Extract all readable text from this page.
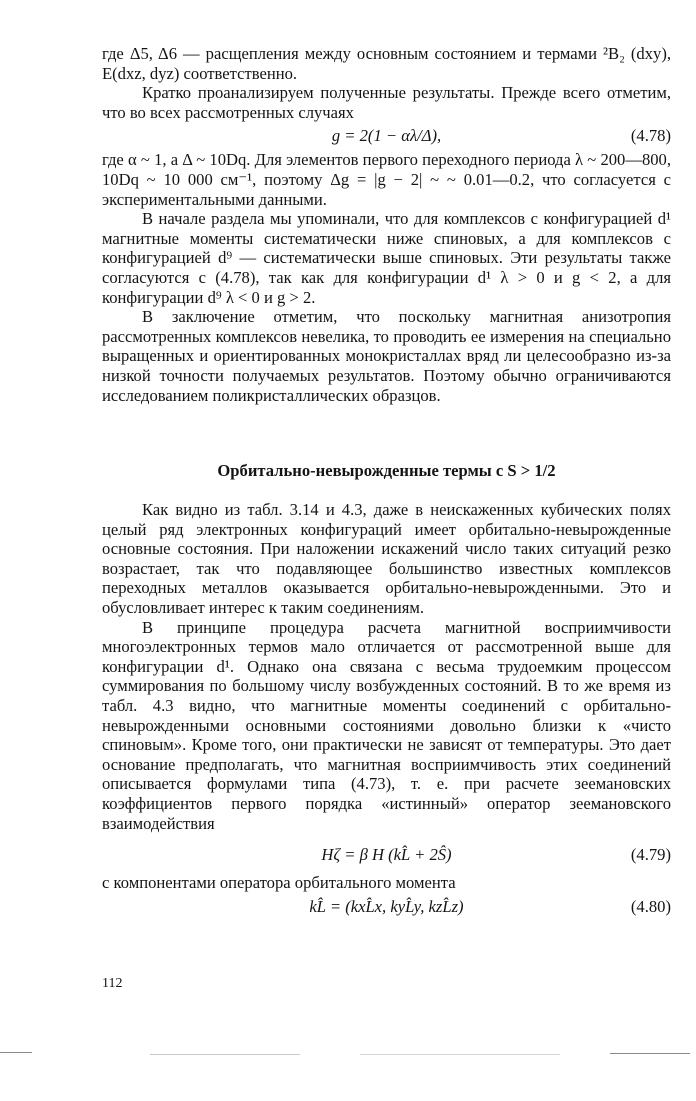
где Δ5, Δ6 — расщепления между основным состоянием и термами ²B₂ (dxy), E(dxz, dyz) соответственно.

Кратко проанализируем полученные результаты. Прежде всего отметим, что во всех рассмотренных случаях

g = 2(1 − αλ/Δ),	(4.78)

где α ~ 1, а Δ ~ 10Dq. Для элементов первого переходного периода λ ~ 200—800, 10Dq ~ 10 000 см⁻¹, поэтому Δg = |g − 2| ~ ~ 0.01—0.2, что согласуется с экспериментальными данными.

В начале раздела мы упоминали, что для комплексов с конфигурацией d¹ магнитные моменты систематически ниже спиновых, а для комплексов с конфигурацией d⁹ — систематически выше спиновых. Эти результаты также согласуются с (4.78), так как для конфигурации d¹ λ > 0 и g < 2, а для конфигурации d⁹ λ < 0 и g > 2.

В заключение отметим, что поскольку магнитная анизотропия рассмотренных комплексов невелика, то проводить ее измерения на специально выращенных и ориентированных монокристаллах вряд ли целесообразно из-за низкой точности получаемых результатов. Поэтому обычно ограничиваются исследованием поликристаллических образцов.

Орбитально-невырожденные термы с S > 1/2

Как видно из табл. 3.14 и 4.3, даже в неискаженных кубических полях целый ряд электронных конфигураций имеет орбитально-невырожденные основные состояния. При наложении искажений число таких ситуаций резко возрастает, так что подавляющее большинство известных комплексов переходных металлов оказывается орбитально-невырожденными. Это и обусловливает интерес к таким соединениям.

В принципе процедура расчета магнитной восприимчивости многоэлектронных термов мало отличается от рассмотренной выше для конфигурации d¹. Однако она связана с весьма трудоемким процессом суммирования по большому числу возбужденных состояний. В то же время из табл. 4.3 видно, что магнитные моменты соединений с орбитально-невырожденными основными состояниями довольно близки к «чисто спиновым». Кроме того, они практически не зависят от температуры. Это дает основание предполагать, что магнитная восприимчивость этих соединений описывается формулами типа (4.73), т. е. при расчете зеемановских коэффициентов первого порядка «истинный» оператор зеемановского взаимодействия

Hζ = β H (kL̂ + 2Ŝ)	(4.79)

с компонентами оператора орбитального момента

kL̂ = (kxL̂x, kyL̂y, kzL̂z)	(4.80)
112
